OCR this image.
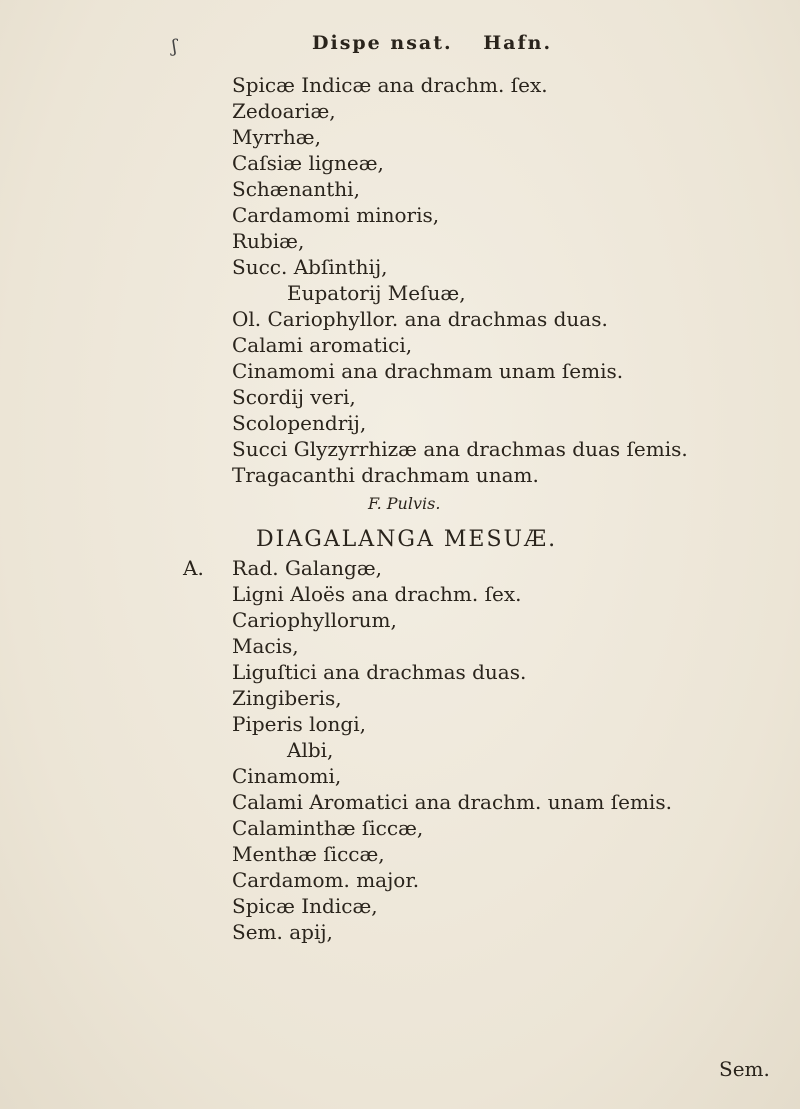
ʃ	Dispe nsat. Hafn.
Spicæ Indicæ ana drachm. ſex.
Zedoariæ,
Myrrhæ,
Caſsiæ ligneæ,
Schænanthi,
Cardamomi minoris,
Rubiæ,
Succ. Abſinthij,
Eupatorij Meſuæ,
Ol. Cariophyllor. ana drachmas duas.
Calami aromatici,
Cinamomi ana drachmam unam ſemis.
Scordij veri,
Scolopendrij,
Succi Glyzyrrhizæ ana drachmas duas ſemis.
Tragacanthi drachmam unam.
F. Pulvis.
DIAGALANGA MESUÆ.
A. Rad. Galangæ,
Ligni Aloës ana drachm. ſex.
Cariophyllorum,
Macis,
Liguſtici ana drachmas duas.
Zingiberis,
Piperis longi,
Albi,
Cinamomi,
Calami Aromatici ana drachm. unam ſemis.
Calaminthæ ſiccæ,
Menthæ ſiccæ,
Cardamom. major.
Spicæ Indicæ,
Sem. apij,
Sem.
